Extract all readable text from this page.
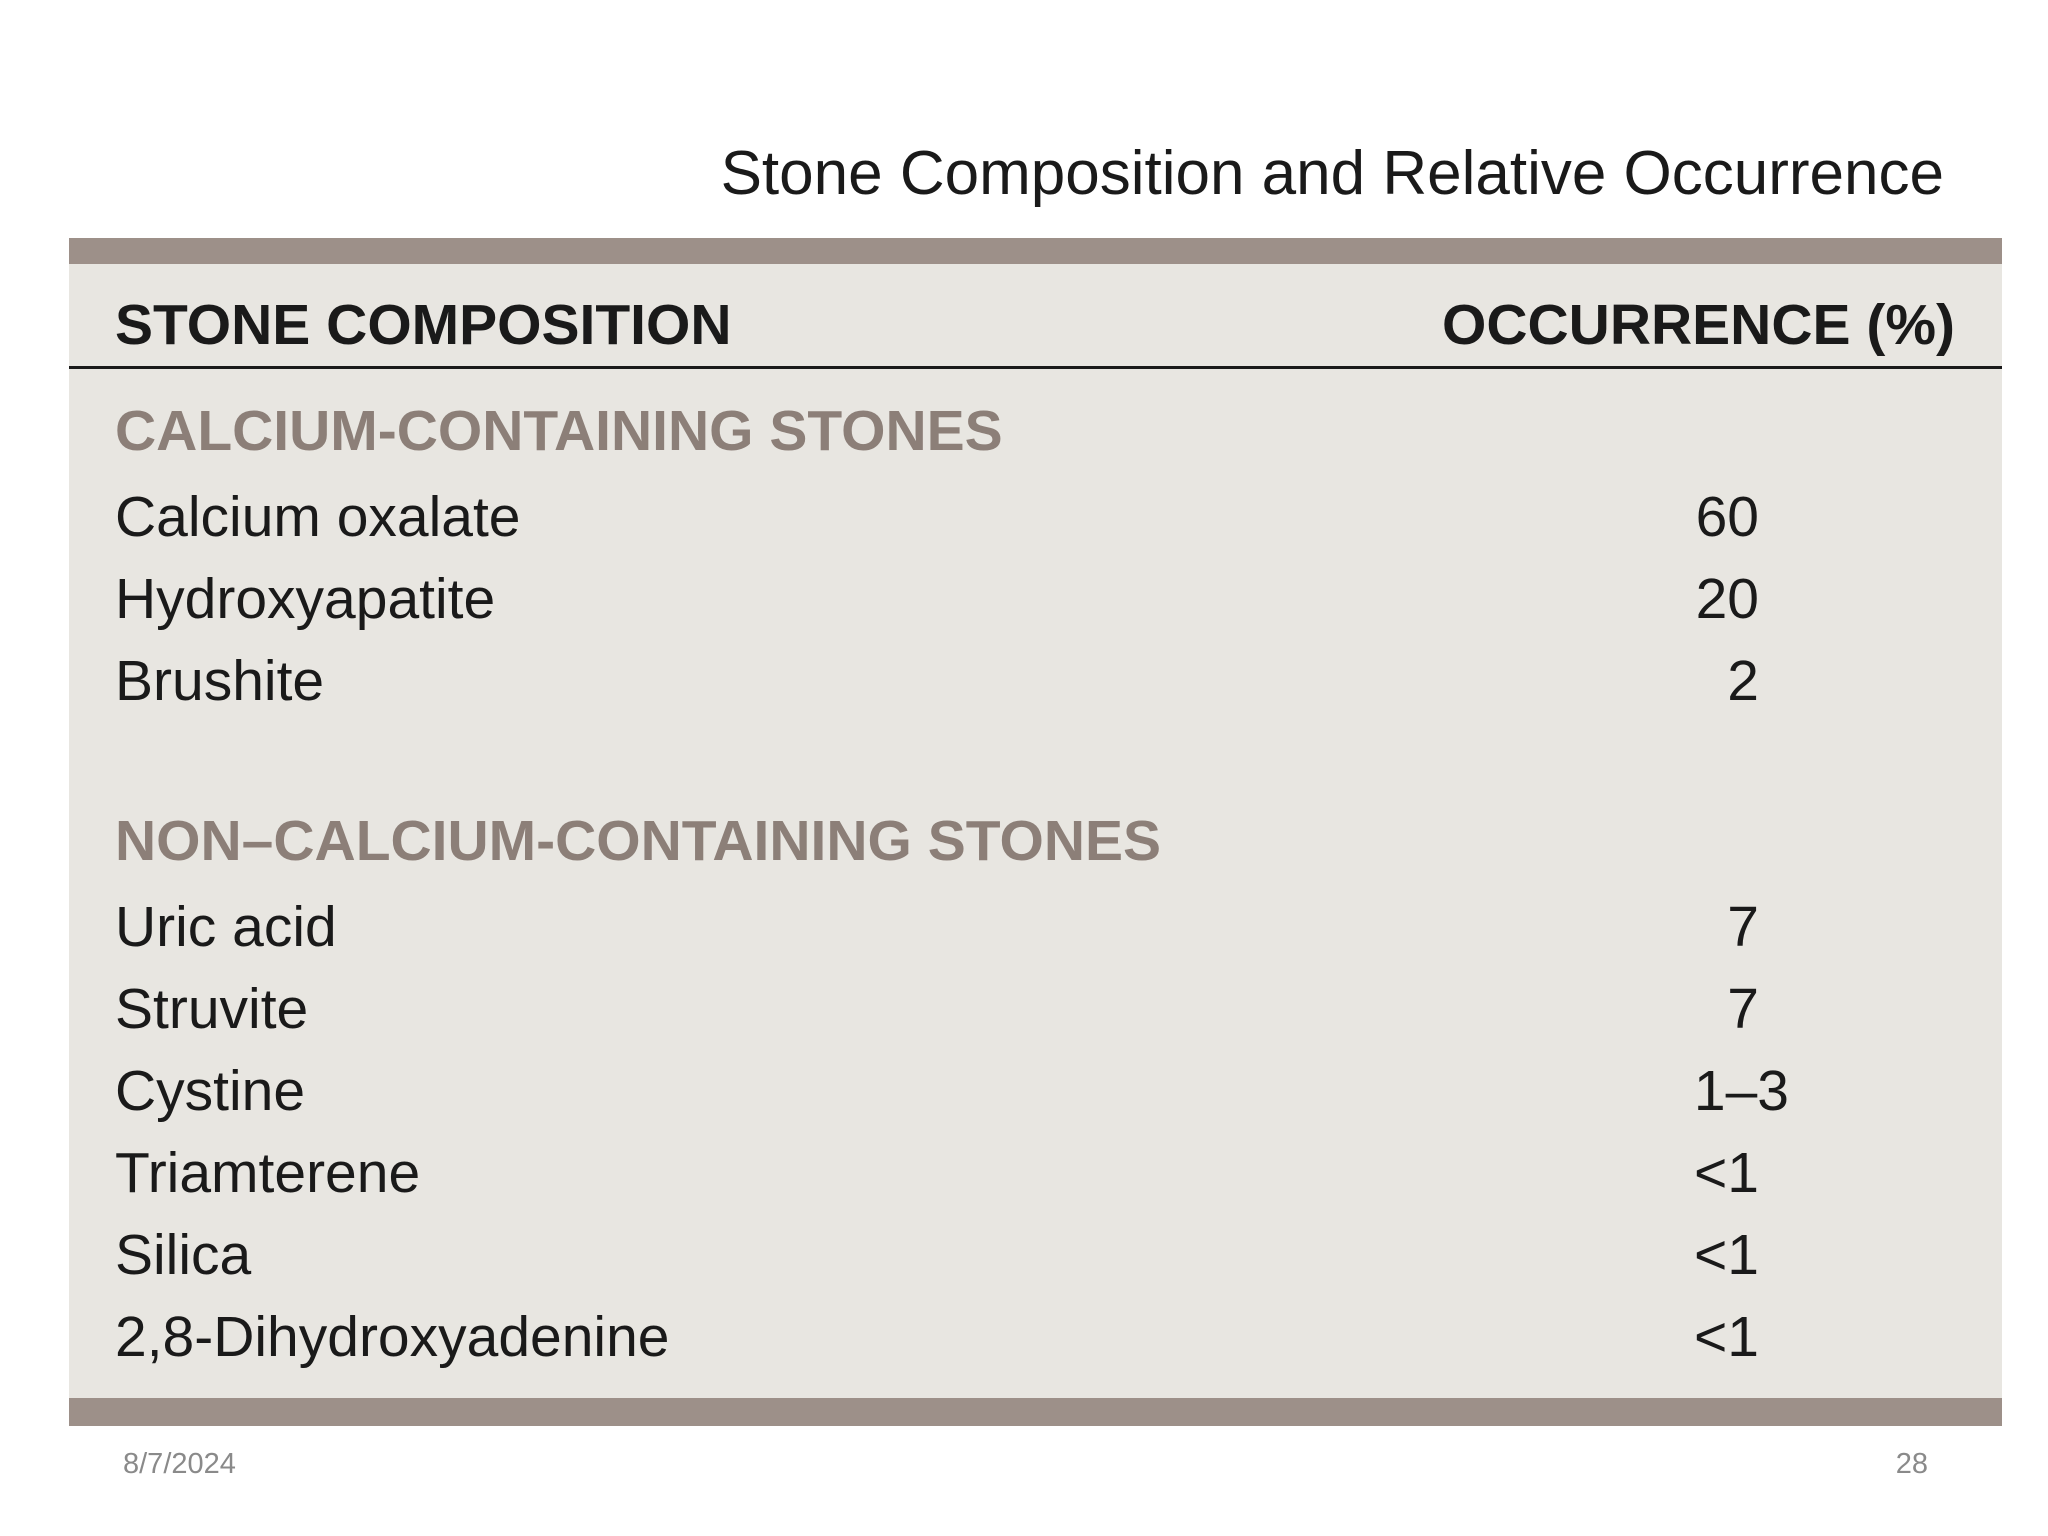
Stone Composition and Relative Occurrence
STONE COMPOSITION	OCCURRENCE (%)
CALCIUM-CONTAINING STONES
Calcium oxalate	60
Hydroxyapatite	20
Brushite	2
NON–CALCIUM-CONTAINING STONES
Uric acid	7
Struvite	7
Cystine	1–3
Triamterene	<1
Silica	<1
2,8-Dihydroxyadenine	<1
8/7/2024	28
